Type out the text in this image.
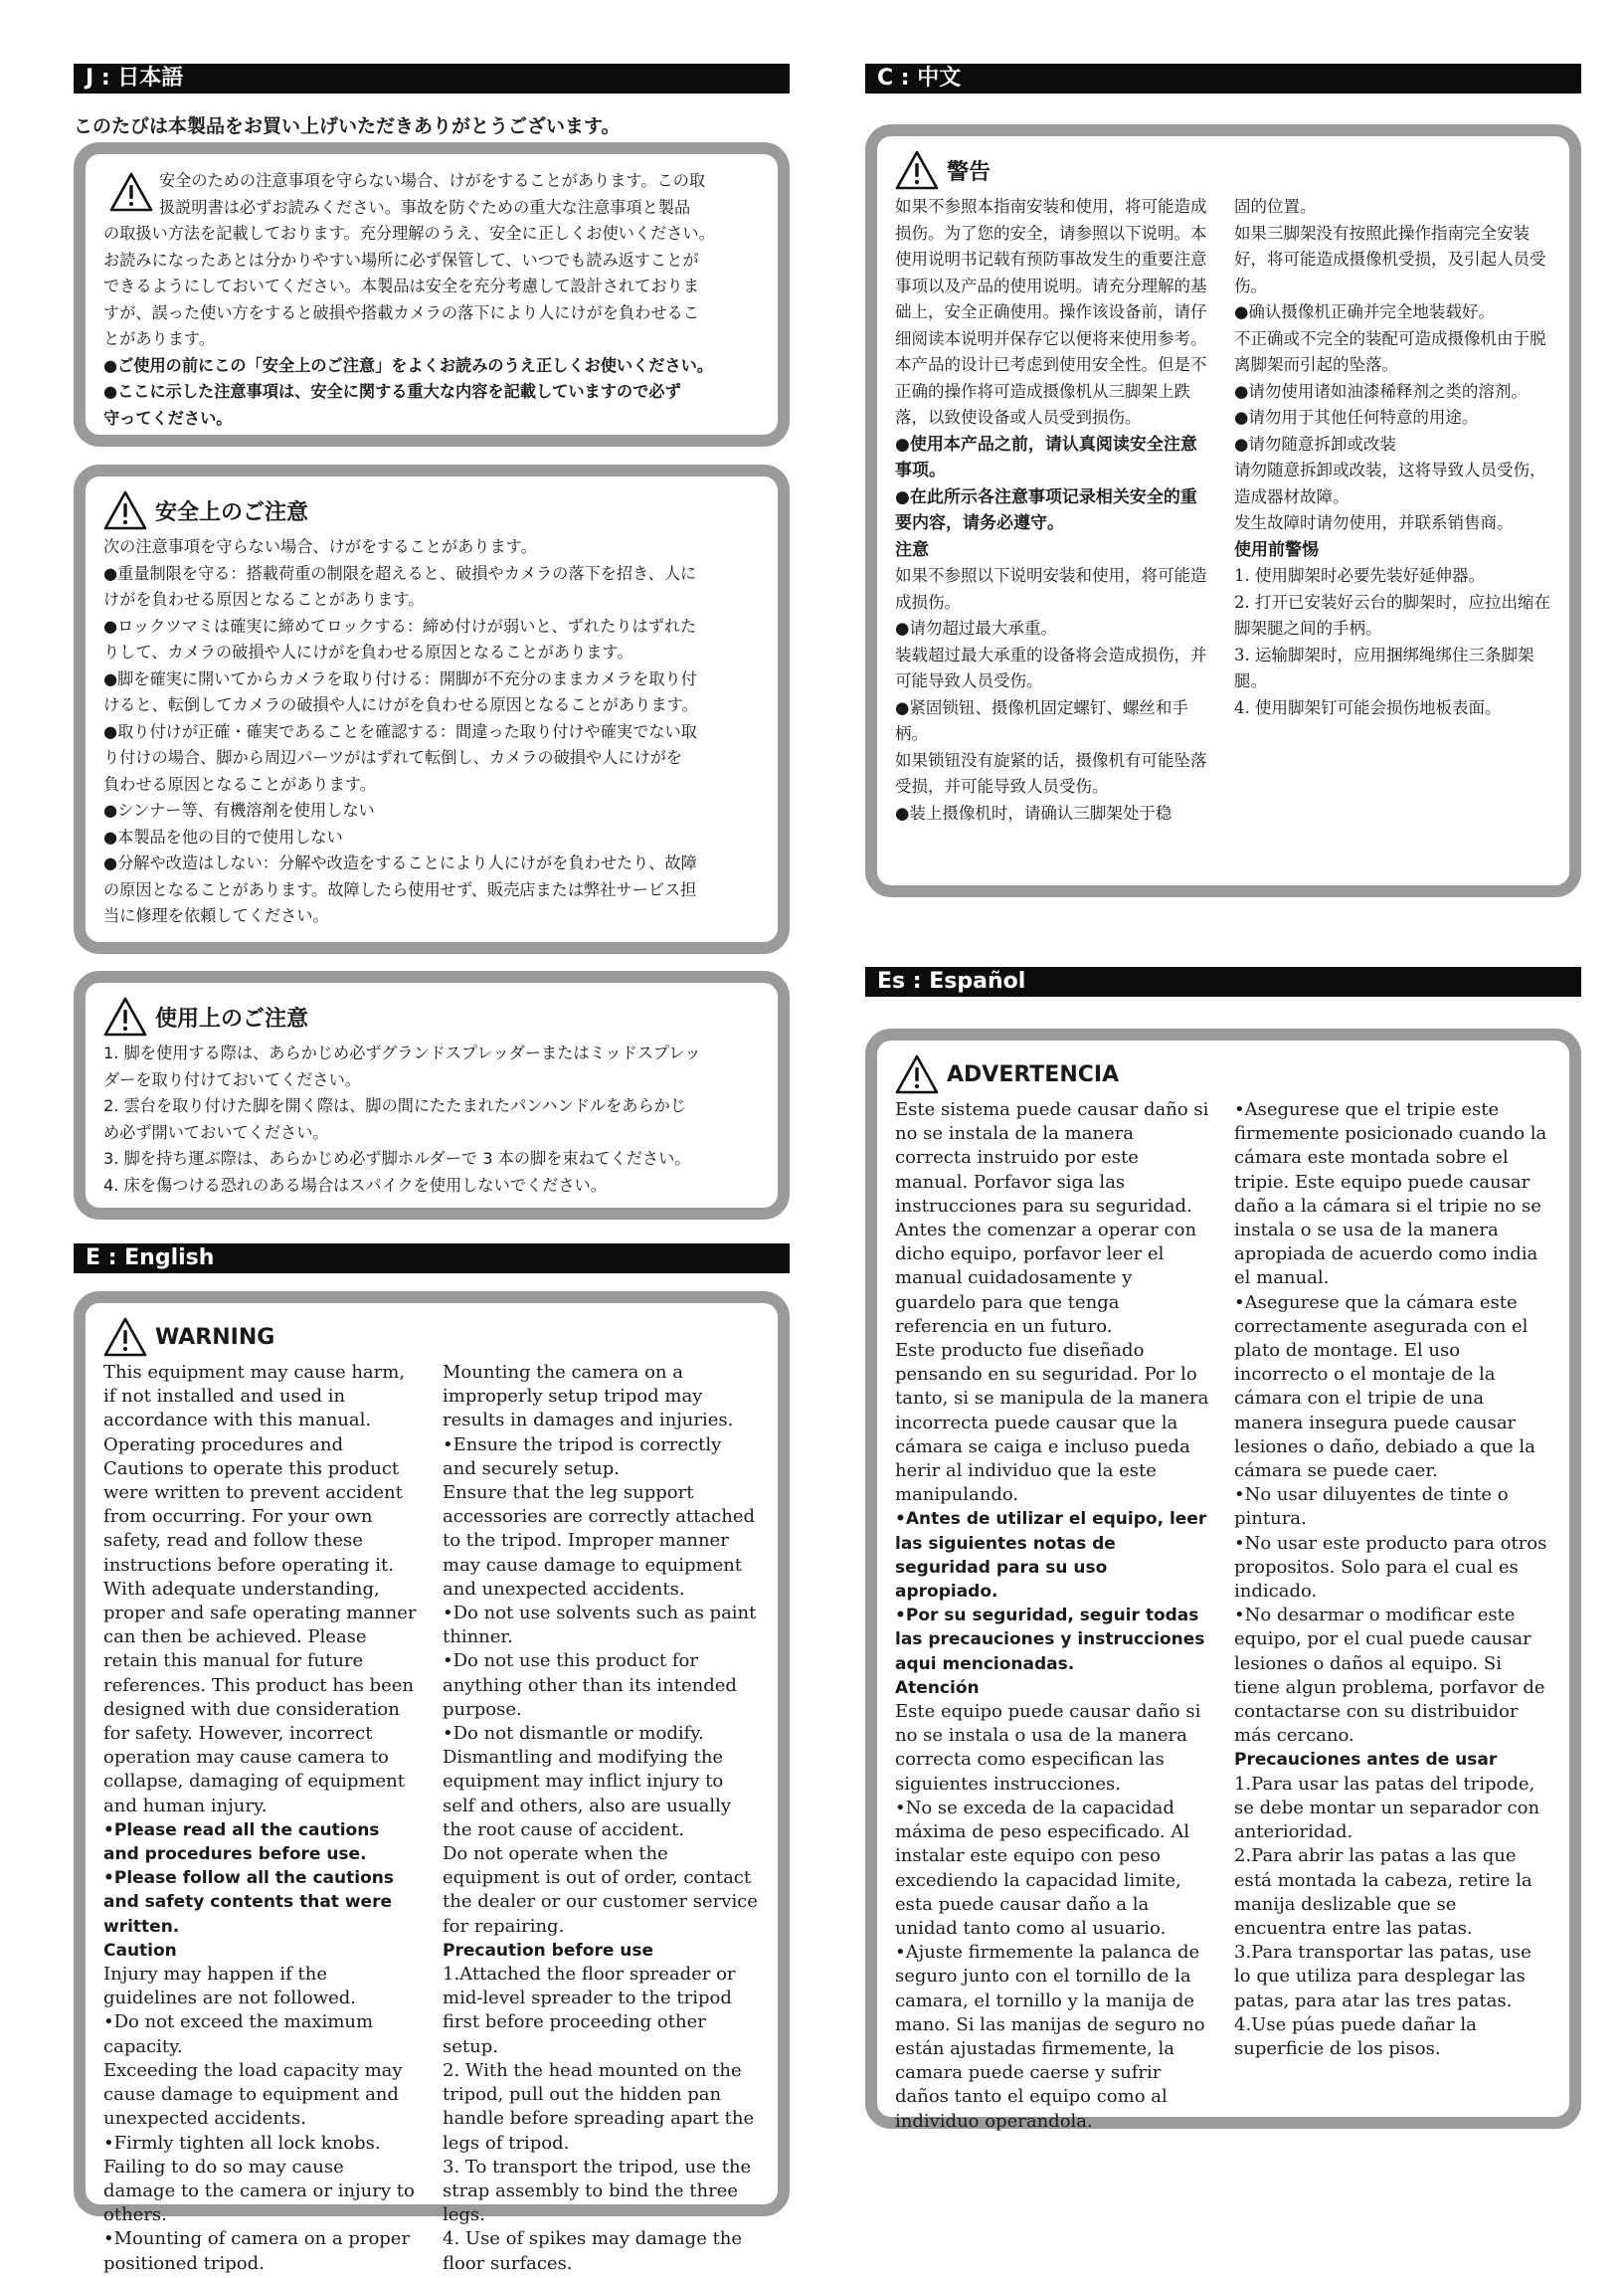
J : 日本語
このたびは本製品をお買い上げいただきありがとうございます。

安全のための注意事項を守らない場合、けがをすることがあります。この取

扱説明書は必ずお読みください。事故を防ぐための重大な注意事項と製品

の取扱い方法を記載しております。充分理解のうえ、安全に正しくお使いください。

お読みになったあとは分かりやすい場所に必ず保管して、いつでも読み返すことが

できるようにしておいてください。本製品は安全を充分考慮して設計されておりま

すが、誤った使い方をすると破損や搭載カメラの落下により人にけがを負わせるこ

とがあります。

●ご使用の前にこの「安全上のご注意」をよくお読みのうえ正しくお使いください。

●ここに示した注意事項は、安全に関する重大な内容を記載していますので必ず

守ってください。

安全上のご注意

次の注意事項を守らない場合、けがをすることがあります。

●重量制限を守る：搭載荷重の制限を超えると、破損やカメラの落下を招き、人に

けがを負わせる原因となることがあります。

●ロックツマミは確実に締めてロックする：締め付けが弱いと、ずれたりはずれた

りして、カメラの破損や人にけがを負わせる原因となることがあります。

●脚を確実に開いてからカメラを取り付ける：開脚が不充分のままカメラを取り付

けると、転倒してカメラの破損や人にけがを負わせる原因となることがあります。

●取り付けが正確・確実であることを確認する：間違った取り付けや確実でない取

り付けの場合、脚から周辺パーツがはずれて転倒し、カメラの破損や人にけがを

負わせる原因となることがあります。

●シンナー等、有機溶剤を使用しない

●本製品を他の目的で使用しない

●分解や改造はしない：分解や改造をすることにより人にけがを負わせたり、故障

の原因となることがあります。故障したら使用せず、販売店または弊社サービス担

当に修理を依頼してください。

使用上のご注意

1. 脚を使用する際は、あらかじめ必ずグランドスプレッダーまたはミッドスプレッ

ダーを取り付けておいてください。

2. 雲台を取り付けた脚を開く際は、脚の間にたたまれたパンハンドルをあらかじ

め必ず開いておいてください。

3. 脚を持ち運ぶ際は、あらかじめ必ず脚ホルダーで 3 本の脚を束ねてください。

4. 床を傷つける恐れのある場合はスパイクを使用しないでください。

E : English
WARNING

This equipment may cause harm, if not installed and used in accordance with this manual. Operating procedures and Cautions to operate this product were written to prevent accident from occurring. For your own safety, read and follow these instructions before operating it. With adequate understanding, proper and safe operating manner can then be achieved. Please retain this manual for future references. This product has been designed with due consideration for safety. However, incorrect operation may cause camera to collapse, damaging of equipment and human injury.

•Please read all the cautions and procedures before use.

•Please follow all the cautions and safety contents that were written.

Caution

Injury may happen if the guidelines are not followed.

•Do not exceed the maximum capacity.

Exceeding the load capacity may cause damage to equipment and unexpected accidents.

•Firmly tighten all lock knobs.

Failing to do so may cause damage to the camera or injury to others.

•Mounting of camera on a proper positioned tripod.

Mounting the camera on a improperly setup tripod may results in damages and injuries.

•Ensure the tripod is correctly and securely setup.

Ensure that the leg support accessories are correctly attached to the tripod. Improper manner may cause damage to equipment and unexpected accidents.

•Do not use solvents such as paint thinner.

•Do not use this product for anything other than its intended purpose.

•Do not dismantle or modify.

Dismantling and modifying the equipment may inflict injury to self and others, also are usually the root cause of accident.

Do not operate when the equipment is out of order, contact the dealer or our customer service for repairing.

Precaution before use

1.Attached the floor spreader or mid-level spreader to the tripod first before proceeding other setup.

2. With the head mounted on the tripod, pull out the hidden pan handle before spreading apart the legs of tripod.

3. To transport the tripod, use the strap assembly to bind the three legs.

4. Use of spikes may damage the floor surfaces.

C : 中文
警告

如果不参照本指南安装和使用，将可能造成损伤。为了您的安全，请参照以下说明。本使用说明书记载有预防事故发生的重要注意事项以及产品的使用说明。请充分理解的基础上，安全正确使用。操作该设备前，请仔细阅读本说明并保存它以便将来使用参考。

本产品的设计已考虑到使用安全性。但是不正确的操作将可造成摄像机从三脚架上跌落，以致使设备或人员受到损伤。

●使用本产品之前，请认真阅读安全注意事项。

●在此所示各注意事项记录相关安全的重要内容，请务必遵守。

注意

如果不参照以下说明安装和使用，将可能造成损伤。

●请勿超过最大承重。

装载超过最大承重的设备将会造成损伤，并可能导致人员受伤。

●紧固锁钮、摄像机固定螺钉、螺丝和手柄。

如果锁钮没有旋紧的话，摄像机有可能坠落受损，并可能导致人员受伤。

●装上摄像机时，请确认三脚架处于稳

固的位置。

如果三脚架没有按照此操作指南完全安装好，将可能造成摄像机受损，及引起人员受伤。

●确认摄像机正确并完全地装载好。

不正确或不完全的装配可造成摄像机由于脱离脚架而引起的坠落。

●请勿使用诸如油漆稀释剂之类的溶剂。

●请勿用于其他任何特意的用途。

●请勿随意拆卸或改装

请勿随意拆卸或改装，这将导致人员受伤，造成器材故障。

发生故障时请勿使用，并联系销售商。

使用前警惕

1. 使用脚架时必要先装好延伸器。

2. 打开已安装好云台的脚架时，应拉出缩在脚架腿之间的手柄。

3. 运输脚架时，应用捆绑绳绑住三条脚架腿。

4. 使用脚架钉可能会损伤地板表面。

Es : Español
ADVERTENCIA

Este sistema puede causar daño si no se instala de la manera correcta instruido por este manual. Porfavor siga las instrucciones para su seguridad. Antes the comenzar a operar con dicho equipo, porfavor leer el manual cuidadosamente y guardelo para que tenga referencia en un futuro.

Este producto fue diseñado pensando en su seguridad. Por lo tanto, si se manipula de la manera incorrecta puede causar que la cámara se caiga e incluso pueda herir al individuo que la este manipulando.

•Antes de utilizar el equipo, leer las siguientes notas de seguridad para su uso apropiado.

•Por su seguridad, seguir todas las precauciones y instrucciones aqui mencionadas.

Atención

Este equipo puede causar daño si no se instala o usa de la manera correcta como especifican las siguientes instrucciones.

•No se exceda de la capacidad máxima de peso especificado. Al instalar este equipo con peso excediendo la capacidad limite, esta puede causar daño a la unidad tanto como al usuario.

•Ajuste firmemente la palanca de seguro junto con el tornillo de la camara, el tornillo y la manija de mano. Si las manijas de seguro no están ajustadas firmemente, la camara puede caerse y sufrir daños tanto el equipo como al individuo operandola.

•Asegurese que el tripie este firmemente posicionado cuando la cámara este montada sobre el tripie. Este equipo puede causar daño a la cámara si el tripie no se instala o se usa de la manera apropiada de acuerdo como india el manual.

•Asegurese que la cámara este correctamente asegurada con el plato de montage. El uso incorrecto o el montaje de la cámara con el tripie de una manera insegura puede causar lesiones o daño, debiado a que la cámara se puede caer.

•No usar diluyentes de tinte o pintura.

•No usar este producto para otros propositos. Solo para el cual es indicado.

•No desarmar o modificar este equipo, por el cual puede causar lesiones o daños al equipo. Si tiene algun problema, porfavor de contactarse con su distribuidor más cercano.

Precauciones antes de usar

1.Para usar las patas del tripode, se debe montar un separador con anterioridad.

2.Para abrir las patas a las que está montada la cabeza, retire la manija deslizable que se encuentra entre las patas.

3.Para transportar las patas, use lo que utiliza para desplegar las patas, para atar las tres patas.

4.Use púas puede dañar la superficie de los pisos.
